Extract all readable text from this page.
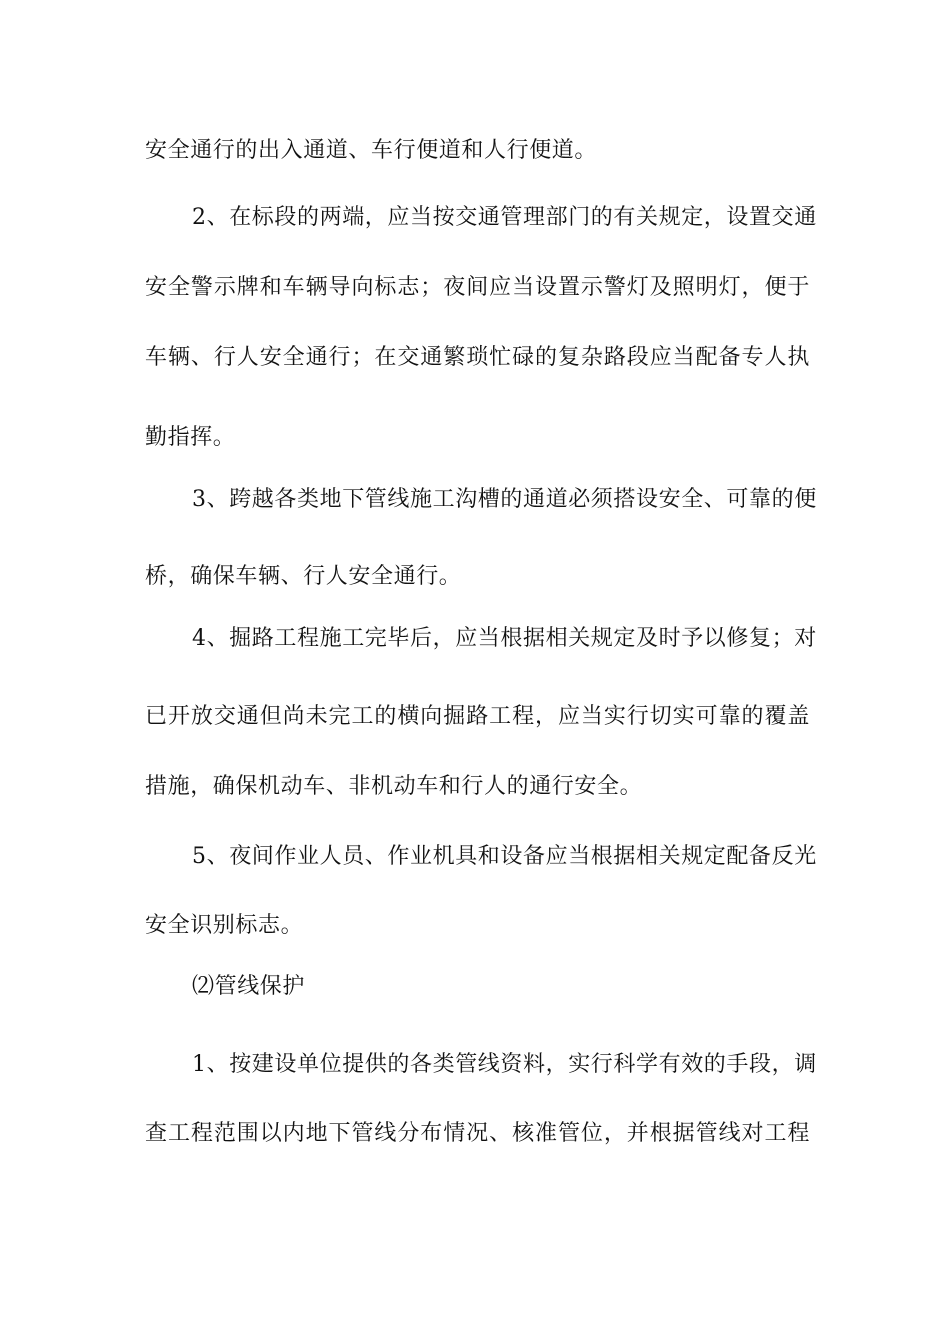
安全通行的出入通道、车行便道和人行便道。
2、在标段的两端，应当按交通管理部门的有关规定，设置交通
安全警示牌和车辆导向标志；夜间应当设置示警灯及照明灯，便于
车辆、行人安全通行；在交通繁琐忙碌的复杂路段应当配备专人执
勤指挥。
3、跨越各类地下管线施工沟槽的通道必须搭设安全、可靠的便
桥，确保车辆、行人安全通行。
4、掘路工程施工完毕后，应当根据相关规定及时予以修复；对
已开放交通但尚未完工的横向掘路工程，应当实行切实可靠的覆盖
措施，确保机动车、非机动车和行人的通行安全。
5、夜间作业人员、作业机具和设备应当根据相关规定配备反光
安全识别标志。
⑵管线保护
1、按建设单位提供的各类管线资料，实行科学有效的手段，调
查工程范围以内地下管线分布情况、核准管位，并根据管线对工程
